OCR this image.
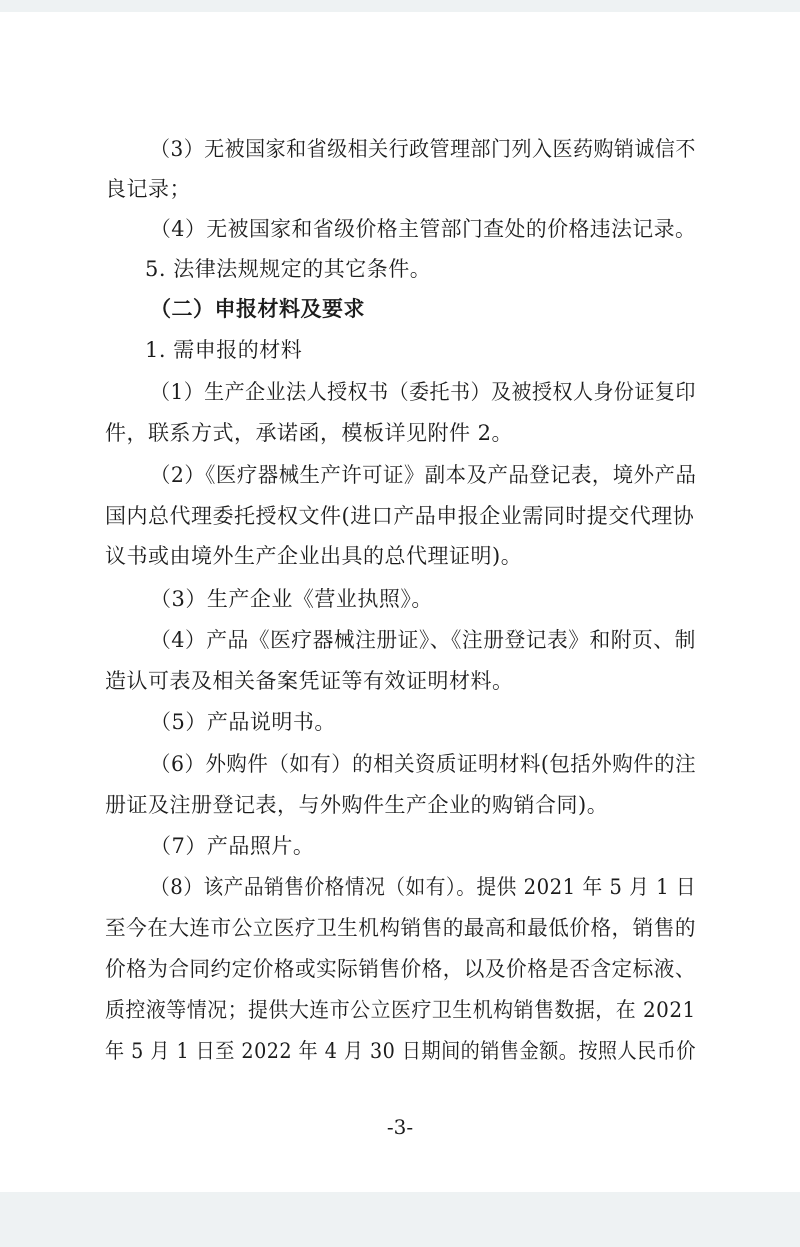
（3）无被国家和省级相关行政管理部门列入医药购销诚信不
良记录；
（4）无被国家和省级价格主管部门查处的价格违法记录。
5. 法律法规规定的其它条件。
（二）申报材料及要求
1. 需申报的材料
（1）生产企业法人授权书（委托书）及被授权人身份证复印
件，联系方式，承诺函，模板详见附件 2。
（2）《医疗器械生产许可证》副本及产品登记表，境外产品
国内总代理委托授权文件(进口产品申报企业需同时提交代理协
议书或由境外生产企业出具的总代理证明)。
（3）生产企业《营业执照》。
（4）产品《医疗器械注册证》、《注册登记表》和附页、制
造认可表及相关备案凭证等有效证明材料。
（5）产品说明书。
（6）外购件（如有）的相关资质证明材料(包括外购件的注
册证及注册登记表，与外购件生产企业的购销合同)。
（7）产品照片。
（8）该产品销售价格情况（如有）。提供 2021 年 5 月 1 日
至今在大连市公立医疗卫生机构销售的最高和最低价格，销售的
价格为合同约定价格或实际销售价格，以及价格是否含定标液、
质控液等情况；提供大连市公立医疗卫生机构销售数据，在 2021
年 5 月 1 日至 2022 年 4 月 30 日期间的销售金额。按照人民币价
-3-
